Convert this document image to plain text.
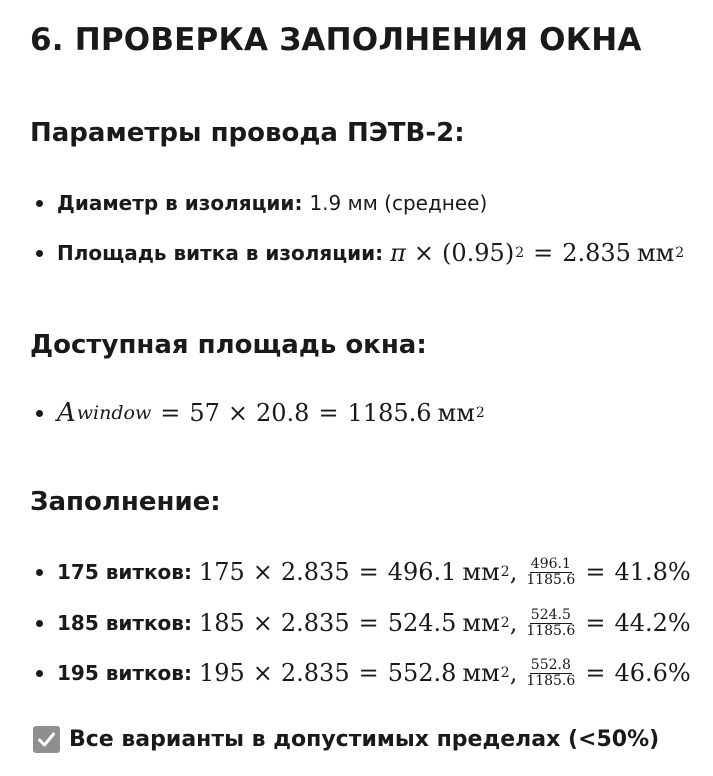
6. ПРОВЕРКА ЗАПОЛНЕНИЯ ОКНА
Параметры провода ПЭТВ-2:
Диаметр в изоляции: 1.9 мм (среднее)
Площадь витка в изоляции: π × (0.95) 2 = 2.835 мм 2
Доступная площадь окна:
A window = 57 × 20.8 = 1185.6 мм 2
Заполнение:
175 витков: 175 × 2.835 = 496.1 мм 2 , $\frac{496.1}{1185.6} = 41.8\%$
185 витков: 185 × 2.835 = 524.5 мм 2 , $\frac{524.5}{1185.6} = 44.2\%$
195 витков: 195 × 2.835 = 552.8 мм 2 , $\frac{552.8}{1185.6} = 46.6\%$
Все варианты в допустимых пределах (<50%)
